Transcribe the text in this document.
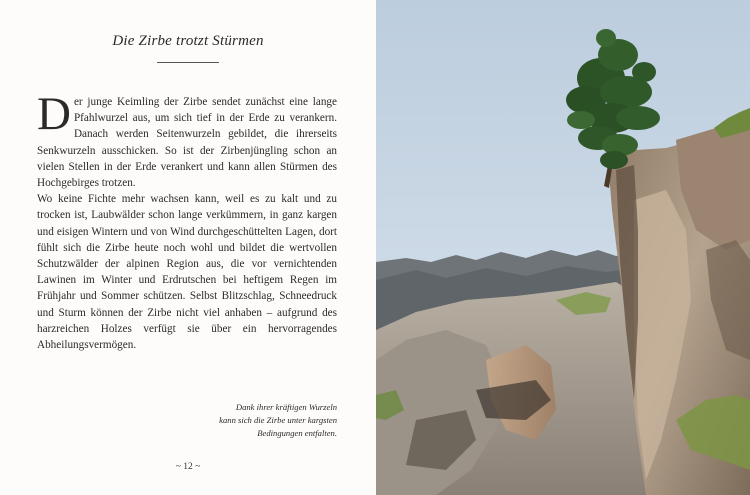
Die Zirbe trotzt Stürmen

Der junge Keimling der Zirbe sendet zunächst eine lange Pfahlwurzel aus, um sich tief in der Erde zu verankern. Danach werden Seitenwurzeln gebildet, die ihrerseits Senkwurzeln ausschicken. So ist der Zirbenjüngling schon an vielen Stellen in der Erde verankert und kann allen Stürmen des Hochgebirges trotzen.

Wo keine Fichte mehr wachsen kann, weil es zu kalt und zu trocken ist, Laubwälder schon lange verkümmern, in ganz kargen und eisigen Wintern und von Wind durchgeschüttelten Lagen, dort fühlt sich die Zirbe heute noch wohl und bildet die wertvollen Schutzwälder der alpinen Region aus, die vor vernichtenden Lawinen im Winter und Erdrutschen bei heftigem Regen im Frühjahr und Sommer schützen. Selbst Blitzschlag, Schneedruck und Sturm können der Zirbe nicht viel anhaben – aufgrund des harzreichen Holzes verfügt sie über ein hervorragendes Abheilungsvermögen.

Dank ihrer kräftigen Wurzeln
kann sich die Zirbe unter kargsten
Bedingungen entfalten.
~ 12 ~
